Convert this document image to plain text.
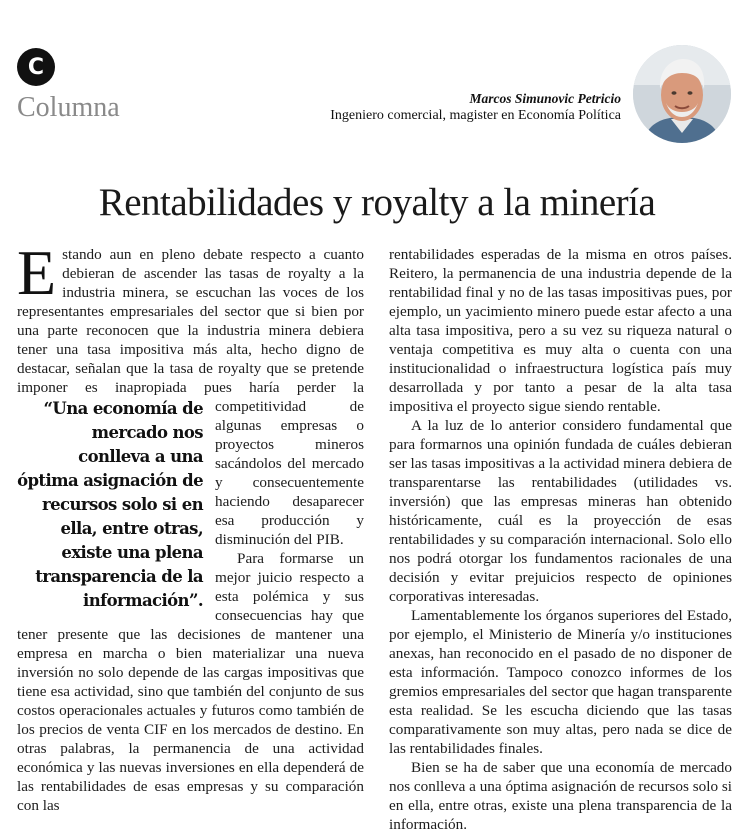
C
Columna	Marcos Simunovic Petricio
Ingeniero comercial, magister en Economía Política
Rentabilidades y royalty a la minería
E stando aun en pleno debate respecto a cuanto debieran de ascender las tasas de royalty a la industria minera, se escuchan las voces de los representantes empresariales del sector que si bien por una parte reconocen que la industria minera debiera tener una tasa impositiva más alta, hecho digno de destacar, señalan que la tasa de royalty que se pretende imponer es inapropiada pues haría
“Una economía de mercado nos conlleva a una óptima asignación de recursos solo si en ella, entre otras, existe una plena transparencia de la información”.
perder la competitividad de algunas empresas o proyectos mineros sacándolos del mercado y consecuentemente haciendo desaparecer esa producción y disminución del PIB.

Para formarse un mejor juicio respecto a esta polémica y sus consecuencias hay que tener presente que las decisiones de mantener una empresa en marcha o bien materializar una nueva inversión no solo depende de las cargas impositivas que tiene esa actividad, sino que también del conjunto de sus costos operacionales actuales y futuros como también de los precios de venta CIF en los mercados de destino. En otras palabras, la permanencia de una actividad económica y las nuevas inversiones en ella dependerá de las rentabilidades de esas empresas y su comparación con las

rentabilidades esperadas de la misma en otros países. Reitero, la permanencia de una industria depende de la rentabilidad final y no de las tasas impositivas pues, por ejemplo, un yacimiento minero puede estar afecto a una alta tasa impositiva, pero a su vez su riqueza natural o ventaja competitiva es muy alta o cuenta con una institucionalidad o infraestructura logística país muy desarrollada y por tanto a pesar de la alta tasa impositiva el proyecto sigue siendo rentable.

A la luz de lo anterior considero fundamental que para formarnos una opinión fundada de cuáles debieran ser las tasas impositivas a la actividad minera debiera de transparentarse las rentabilidades (utilidades vs. inversión) que las empresas mineras han obtenido históricamente, cuál es la proyección de esas rentabilidades y su comparación internacional. Solo ello nos podrá otorgar los fundamentos racionales de una decisión y evitar prejuicios respecto de opiniones corporativas interesadas.

Lamentablemente los órganos superiores del Estado, por ejemplo, el Ministerio de Minería y/o instituciones anexas, han reconocido en el pasado de no disponer de esta información. Tampoco conozco informes de los gremios empresariales del sector que hagan transparente esta realidad. Se les escucha diciendo que las tasas comparativamente son muy altas, pero nada se dice de las rentabilidades finales.

Bien se ha de saber que una economía de mercado nos conlleva a una óptima asignación de recursos solo si en ella, entre otras, existe una plena transparencia de la información.
